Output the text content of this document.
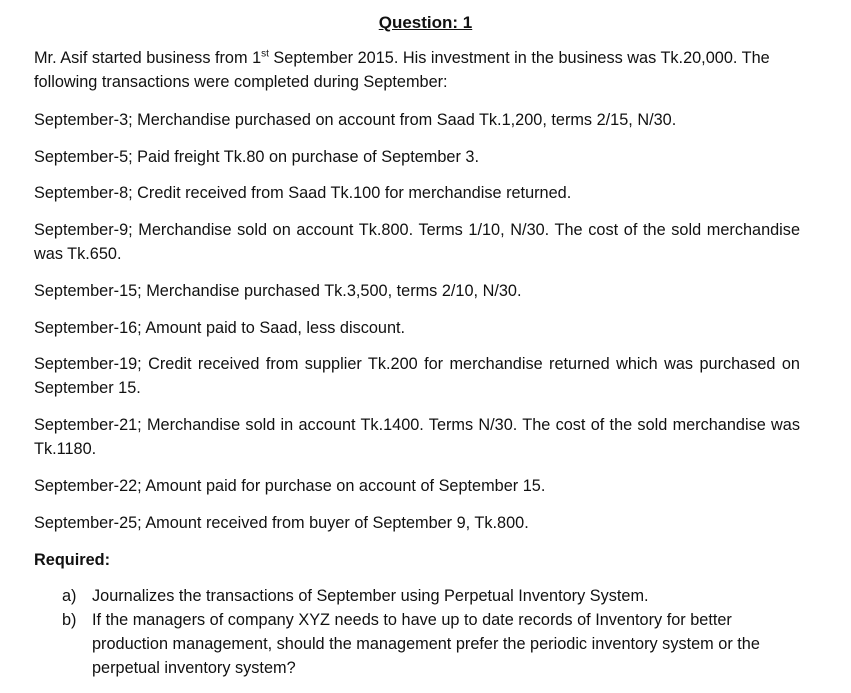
Question: 1

Mr. Asif started business from 1st September 2015. His investment in the business was Tk.20,000. The following transactions were completed during September:

September-3; Merchandise purchased on account from Saad Tk.1,200, terms 2/15, N/30.

September-5; Paid freight Tk.80 on purchase of September 3.

September-8; Credit received from Saad Tk.100 for merchandise returned.

September-9; Merchandise sold on account Tk.800. Terms 1/10, N/30. The cost of the sold merchandise was Tk.650.

September-15; Merchandise purchased Tk.3,500, terms 2/10, N/30.

September-16; Amount paid to Saad, less discount.

September-19; Credit received from supplier Tk.200 for merchandise returned which was purchased on September 15.

September-21; Merchandise sold in account Tk.1400. Terms N/30. The cost of the sold merchandise was Tk.1180.

September-22; Amount paid for purchase on account of September 15.

September-25; Amount received from buyer of September 9, Tk.800.

Required:

a) Journalizes the transactions of September using Perpetual Inventory System.
b) If the managers of company XYZ needs to have up to date records of Inventory for better production management, should the management prefer the periodic inventory system or the perpetual inventory system?
